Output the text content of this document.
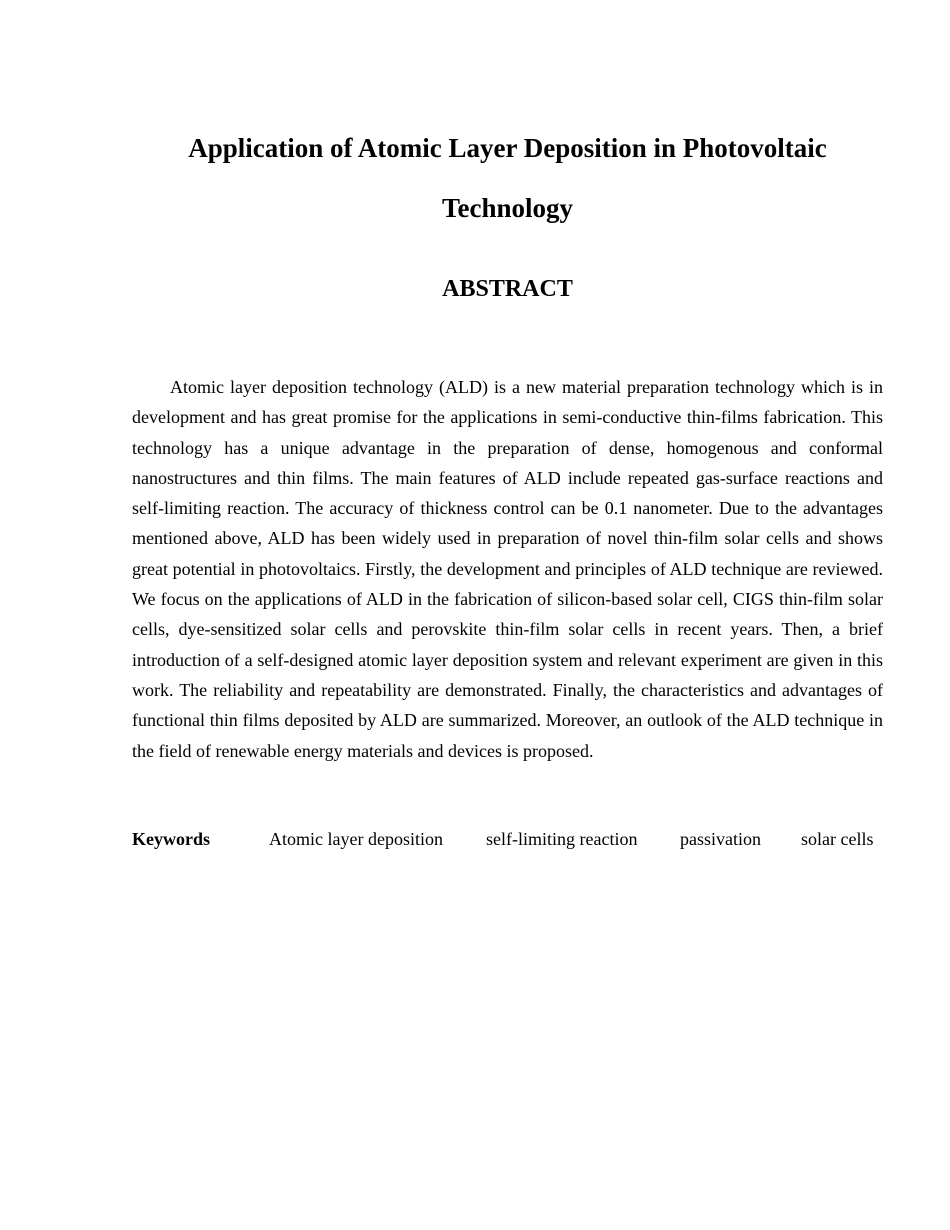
Application of Atomic Layer Deposition in Photovoltaic Technology
ABSTRACT

Atomic layer deposition technology (ALD) is a new material preparation technology which is in development and has great promise for the applications in semi-conductive thin-films fabrication. This technology has a unique advantage in the preparation of dense, homogenous and conformal nanostructures and thin films. The main features of ALD include repeated gas-surface reactions and self-limiting reaction. The accuracy of thickness control can be 0.1 nanometer. Due to the advantages mentioned above, ALD has been widely used in preparation of novel thin-film solar cells and shows great potential in photovoltaics. Firstly, the development and principles of ALD technique are reviewed. We focus on the applications of ALD in the fabrication of silicon-based solar cell, CIGS thin-film solar cells, dye-sensitized solar cells and perovskite thin-film solar cells in recent years. Then, a brief introduction of a self-designed atomic layer deposition system and relevant experiment are given in this work. The reliability and repeatability are demonstrated. Finally, the characteristics and advantages of functional thin films deposited by ALD are summarized. Moreover, an outlook of the ALD technique in the field of renewable energy materials and devices is proposed.

Keywords	Atomic layer deposition self-limiting reaction passivation solar cells
